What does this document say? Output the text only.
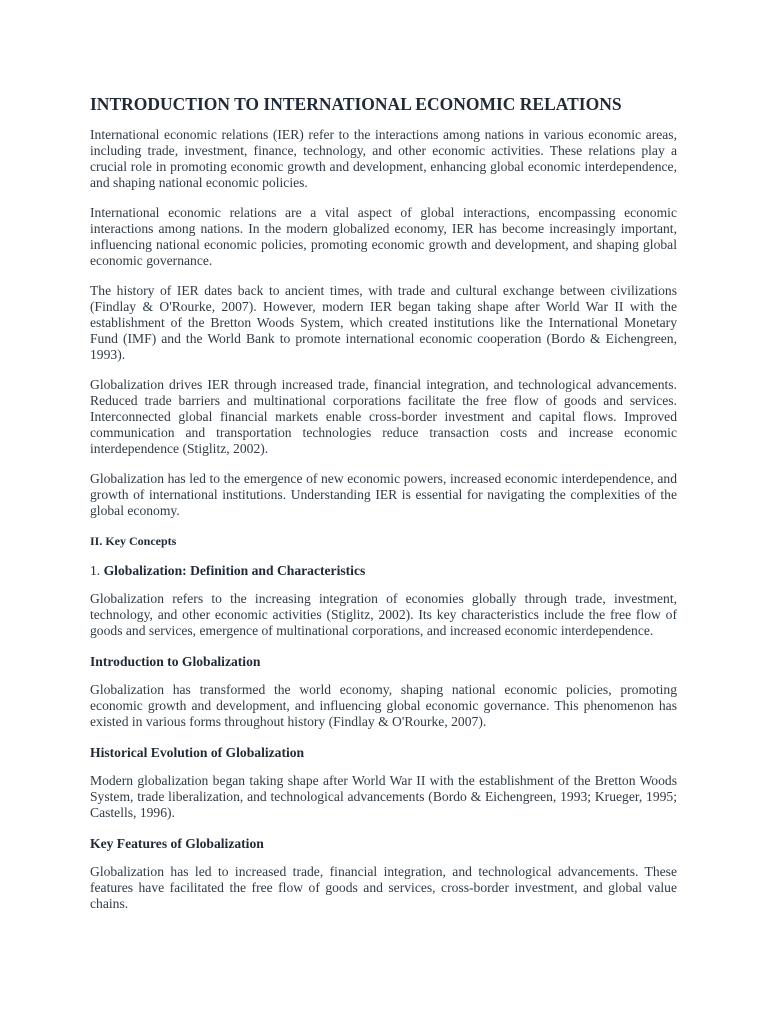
INTRODUCTION TO INTERNATIONAL ECONOMIC RELATIONS

International economic relations (IER) refer to the interactions among nations in various economic areas, including trade, investment, finance, technology, and other economic activities. These relations play a crucial role in promoting economic growth and development, enhancing global economic interdependence, and shaping national economic policies.

International economic relations are a vital aspect of global interactions, encompassing economic interactions among nations. In the modern globalized economy, IER has become increasingly important, influencing national economic policies, promoting economic growth and development, and shaping global economic governance.

The history of IER dates back to ancient times, with trade and cultural exchange between civilizations (Findlay & O'Rourke, 2007). However, modern IER began taking shape after World War II with the establishment of the Bretton Woods System, which created institutions like the International Monetary Fund (IMF) and the World Bank to promote international economic cooperation (Bordo & Eichengreen, 1993).

Globalization drives IER through increased trade, financial integration, and technological advancements. Reduced trade barriers and multinational corporations facilitate the free flow of goods and services. Interconnected global financial markets enable cross-border investment and capital flows. Improved communication and transportation technologies reduce transaction costs and increase economic interdependence (Stiglitz, 2002).

Globalization has led to the emergence of new economic powers, increased economic interdependence, and growth of international institutions. Understanding IER is essential for navigating the complexities of the global economy.

II. Key Concepts
1. Globalization: Definition and Characteristics

Globalization refers to the increasing integration of economies globally through trade, investment, technology, and other economic activities (Stiglitz, 2002). Its key characteristics include the free flow of goods and services, emergence of multinational corporations, and increased economic interdependence.

Introduction to Globalization

Globalization has transformed the world economy, shaping national economic policies, promoting economic growth and development, and influencing global economic governance. This phenomenon has existed in various forms throughout history (Findlay & O'Rourke, 2007).

Historical Evolution of Globalization

Modern globalization began taking shape after World War II with the establishment of the Bretton Woods System, trade liberalization, and technological advancements (Bordo & Eichengreen, 1993; Krueger, 1995; Castells, 1996).

Key Features of Globalization

Globalization has led to increased trade, financial integration, and technological advancements. These features have facilitated the free flow of goods and services, cross-border investment, and global value chains.
